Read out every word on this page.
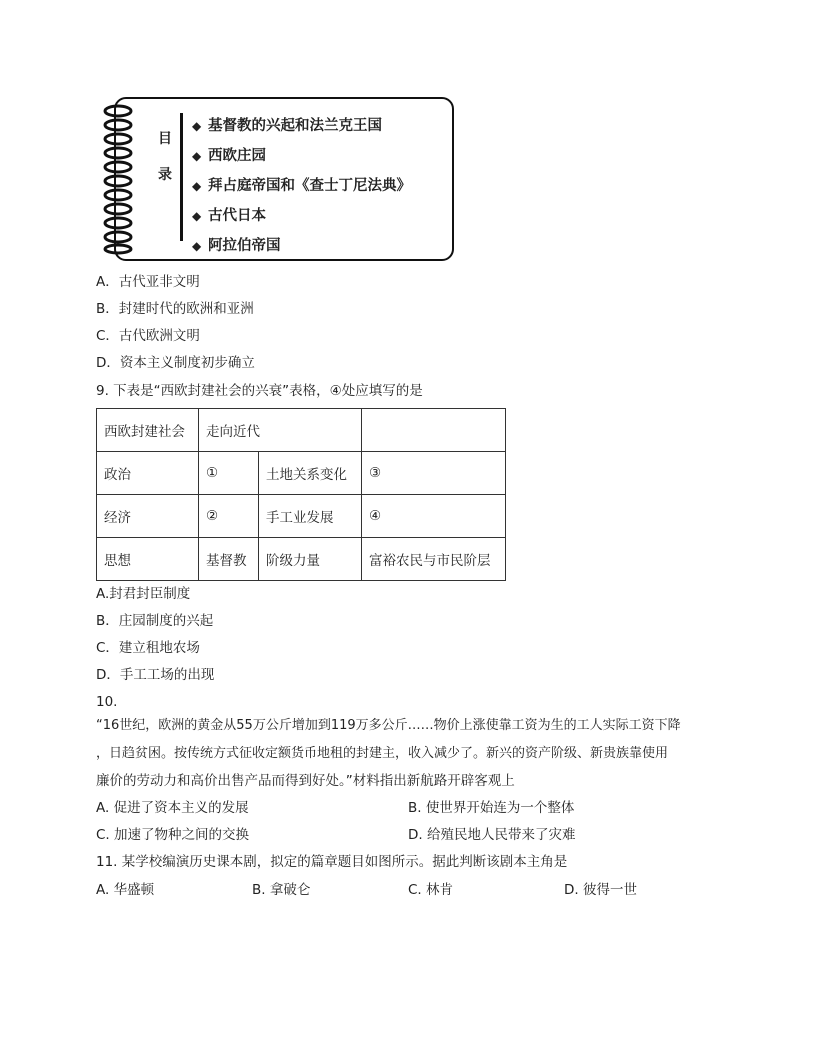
目
录
◆ 基督教的兴起和法兰克王国
◆ 西欧庄园
◆ 拜占庭帝国和《查士丁尼法典》
◆ 古代日本
◆ 阿拉伯帝国
A．古代亚非文明
B．封建时代的欧洲和亚洲
C．古代欧洲文明
D．资本主义制度初步确立
9. 下表是“西欧封建社会的兴衰”表格，④处应填写的是
西欧封建社会	走向近代		
政治	①	土地关系变化	③
经济	②	手工业发展	④
思想	基督教	阶级力量	富裕农民与市民阶层
A.封君封臣制度
B．庄园制度的兴起
C．建立租地农场
D．手工工场的出现
10.
“16世纪，欧洲的黄金从55万公斤增加到119万多公斤……物价上涨使靠工资为生的工人实际工资下降
，日趋贫困。按传统方式征收定额货币地租的封建主，收入减少了。新兴的资产阶级、新贵族靠使用
廉价的劳动力和高价出售产品而得到好处。”材料指出新航路开辟客观上
A. 促进了资本主义的发展	B. 使世界开始连为一个整体
C. 加速了物种之间的交换	D. 给殖民地人民带来了灾难
11. 某学校编演历史课本剧，拟定的篇章题目如图所示。据此判断该剧本主角是
A. 华盛顿	B. 拿破仑	C. 林肯	D. 彼得一世
